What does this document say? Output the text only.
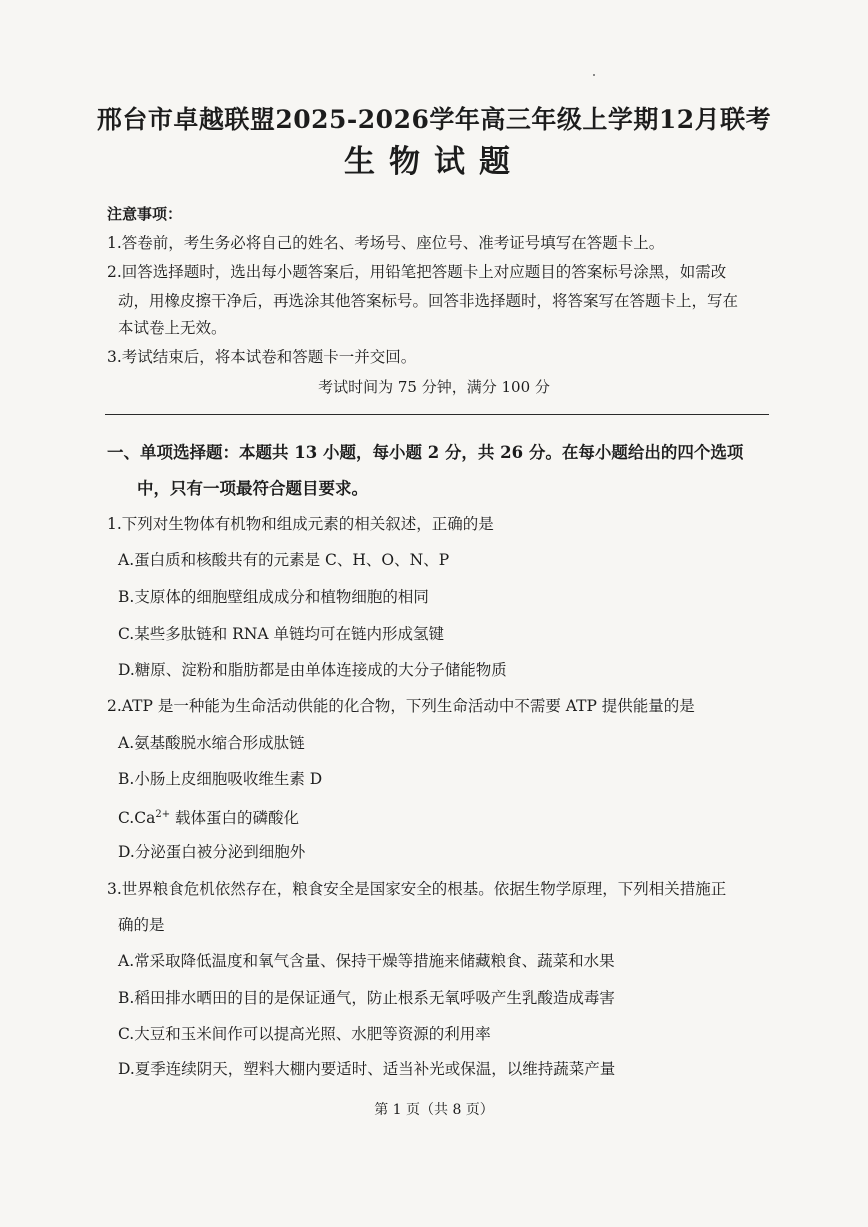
邢台市卓越联盟2025-2026学年高三年级上学期12月联考
生物试题
注意事项：
1.答卷前，考生务必将自己的姓名、考场号、座位号、准考证号填写在答题卡上。
2.回答选择题时，选出每小题答案后，用铅笔把答题卡上对应题目的答案标号涂黑，如需改
动，用橡皮擦干净后，再选涂其他答案标号。回答非选择题时，将答案写在答题卡上，写在
本试卷上无效。
3.考试结束后，将本试卷和答题卡一并交回。
考试时间为 75 分钟，满分 100 分
一、单项选择题：本题共 13 小题，每小题 2 分，共 26 分。在每小题给出的四个选项
中，只有一项最符合题目要求。
1.下列对生物体有机物和组成元素的相关叙述，正确的是
A.蛋白质和核酸共有的元素是 C、H、O、N、P
B.支原体的细胞壁组成成分和植物细胞的相同
C.某些多肽链和 RNA 单链均可在链内形成氢键
D.糖原、淀粉和脂肪都是由单体连接成的大分子储能物质
2.ATP 是一种能为生命活动供能的化合物，下列生命活动中不需要 ATP 提供能量的是
A.氨基酸脱水缩合形成肽链
B.小肠上皮细胞吸收维生素 D
$C.Ca^{2+}$ 载体蛋白的磷酸化
D.分泌蛋白被分泌到细胞外
3.世界粮食危机依然存在，粮食安全是国家安全的根基。依据生物学原理，下列相关措施正
确的是
A.常采取降低温度和氧气含量、保持干燥等措施来储藏粮食、蔬菜和水果
B.稻田排水晒田的目的是保证通气，防止根系无氧呼吸产生乳酸造成毒害
C.大豆和玉米间作可以提高光照、水肥等资源的利用率
D.夏季连续阴天，塑料大棚内要适时、适当补光或保温，以维持蔬菜产量
第 1 页（共 8 页）
